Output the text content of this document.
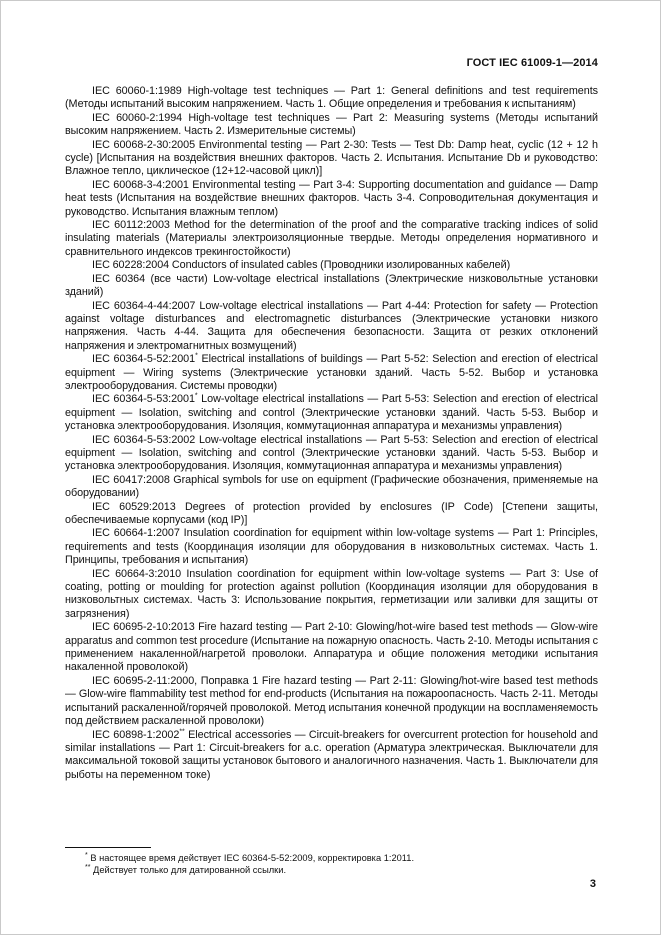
ГОСТ IEC 61009-1—2014

IEC 60060-1:1989 High-voltage test techniques — Part 1: General definitions and test requirements (Методы испытаний высоким напряжением. Часть 1. Общие определения и требования к испытаниям)

IEC 60060-2:1994 High-voltage test techniques — Part 2: Measuring systems (Методы испытаний высоким напряжением. Часть 2. Измерительные системы)

IEC 60068-2-30:2005 Environmental testing — Part 2-30: Tests — Test Db: Damp heat, cyclic (12 + 12 h cycle) [Испытания на воздействия внешних факторов. Часть 2. Испытания. Испытание Db и руководство: Влажное тепло, циклическое (12+12-часовой цикл)]

IEC 60068-3-4:2001 Environmental testing — Part 3-4: Supporting documentation and guidance — Damp heat tests (Испытания на воздействие внешних факторов. Часть 3-4. Сопроводительная документация и руководство. Испытания влажным теплом)

IEC 60112:2003 Method for the determination of the proof and the comparative tracking indices of solid insulating materials (Материалы электроизоляционные твердые. Методы определения нормативного и сравнительного индексов трекингостойкости)

IEC 60228:2004 Conductors of insulated cables (Проводники изолированных кабелей)

IEC 60364 (все части) Low-voltage electrical installations (Электрические низковольтные установки зданий)

IEC 60364-4-44:2007 Low-voltage electrical installations — Part 4-44: Protection for safety — Protection against voltage disturbances and electromagnetic disturbances (Электрические установки низкого напряжения. Часть 4-44. Защита для обеспечения безопасности. Защита от резких отклонений напряжения и электромагнитных возмущений)

IEC 60364-5-52:2001* Electrical installations of buildings — Part 5-52: Selection and erection of electrical equipment — Wiring systems (Электрические установки зданий. Часть 5-52. Выбор и установка электрооборудования. Системы проводки)

IEC 60364-5-53:2001* Low-voltage electrical installations — Part 5-53: Selection and erection of electrical equipment — Isolation, switching and control (Электрические установки зданий. Часть 5-53. Выбор и установка электрооборудования. Изоляция, коммутационная аппаратура и механизмы управления)

IEC 60364-5-53:2002 Low-voltage electrical installations — Part 5-53: Selection and erection of electrical equipment — Isolation, switching and control (Электрические установки зданий. Часть 5-53. Выбор и установка электрооборудования. Изоляция, коммутационная аппаратура и механизмы управления)

IEC 60417:2008 Graphical symbols for use on equipment (Графические обозначения, применяемые на оборудовании)

IEC 60529:2013 Degrees of protection provided by enclosures (IP Code) [Степени защиты, обеспечиваемые корпусами (код IP)]

IEC 60664-1:2007 Insulation coordination for equipment within low-voltage systems — Part 1: Principles, requirements and tests (Координация изоляции для оборудования в низковольтных системах. Часть 1. Принципы, требования и испытания)

IEC 60664-3:2010 Insulation coordination for equipment within low-voltage systems — Part 3: Use of coating, potting or moulding for protection against pollution (Координация изоляции для оборудования в низковольтных системах. Часть 3: Использование покрытия, герметизации или заливки для защиты от загрязнения)

IEC 60695-2-10:2013 Fire hazard testing — Part 2-10: Glowing/hot-wire based test methods — Glow-wire apparatus and common test procedure (Испытание на пожарную опасность. Часть 2-10. Методы испытания с применением накаленной/нагретой проволоки. Аппаратура и общие положения методики испытания накаленной проволокой)

IEC 60695-2-11:2000, Поправка 1 Fire hazard testing — Part 2-11: Glowing/hot-wire based test methods — Glow-wire flammability test method for end-products (Испытания на пожароопасность. Часть 2-11. Методы испытаний раскаленной/горячей проволокой. Метод испытания конечной продукции на воспламеняемость под действием раскаленной проволоки)

IEC 60898-1:2002** Electrical accessories — Circuit-breakers for overcurrent protection for household and similar installations — Part 1: Circuit-breakers for a.c. operation (Арматура электрическая. Выключатели для максимальной токовой защиты установок бытового и аналогичного назначения. Часть 1. Выключатели для рыботы на переменном токе)

* В настоящее время действует IEC 60364-5-52:2009, корректировка 1:2011.

** Действует только для датированной ссылки.

3
